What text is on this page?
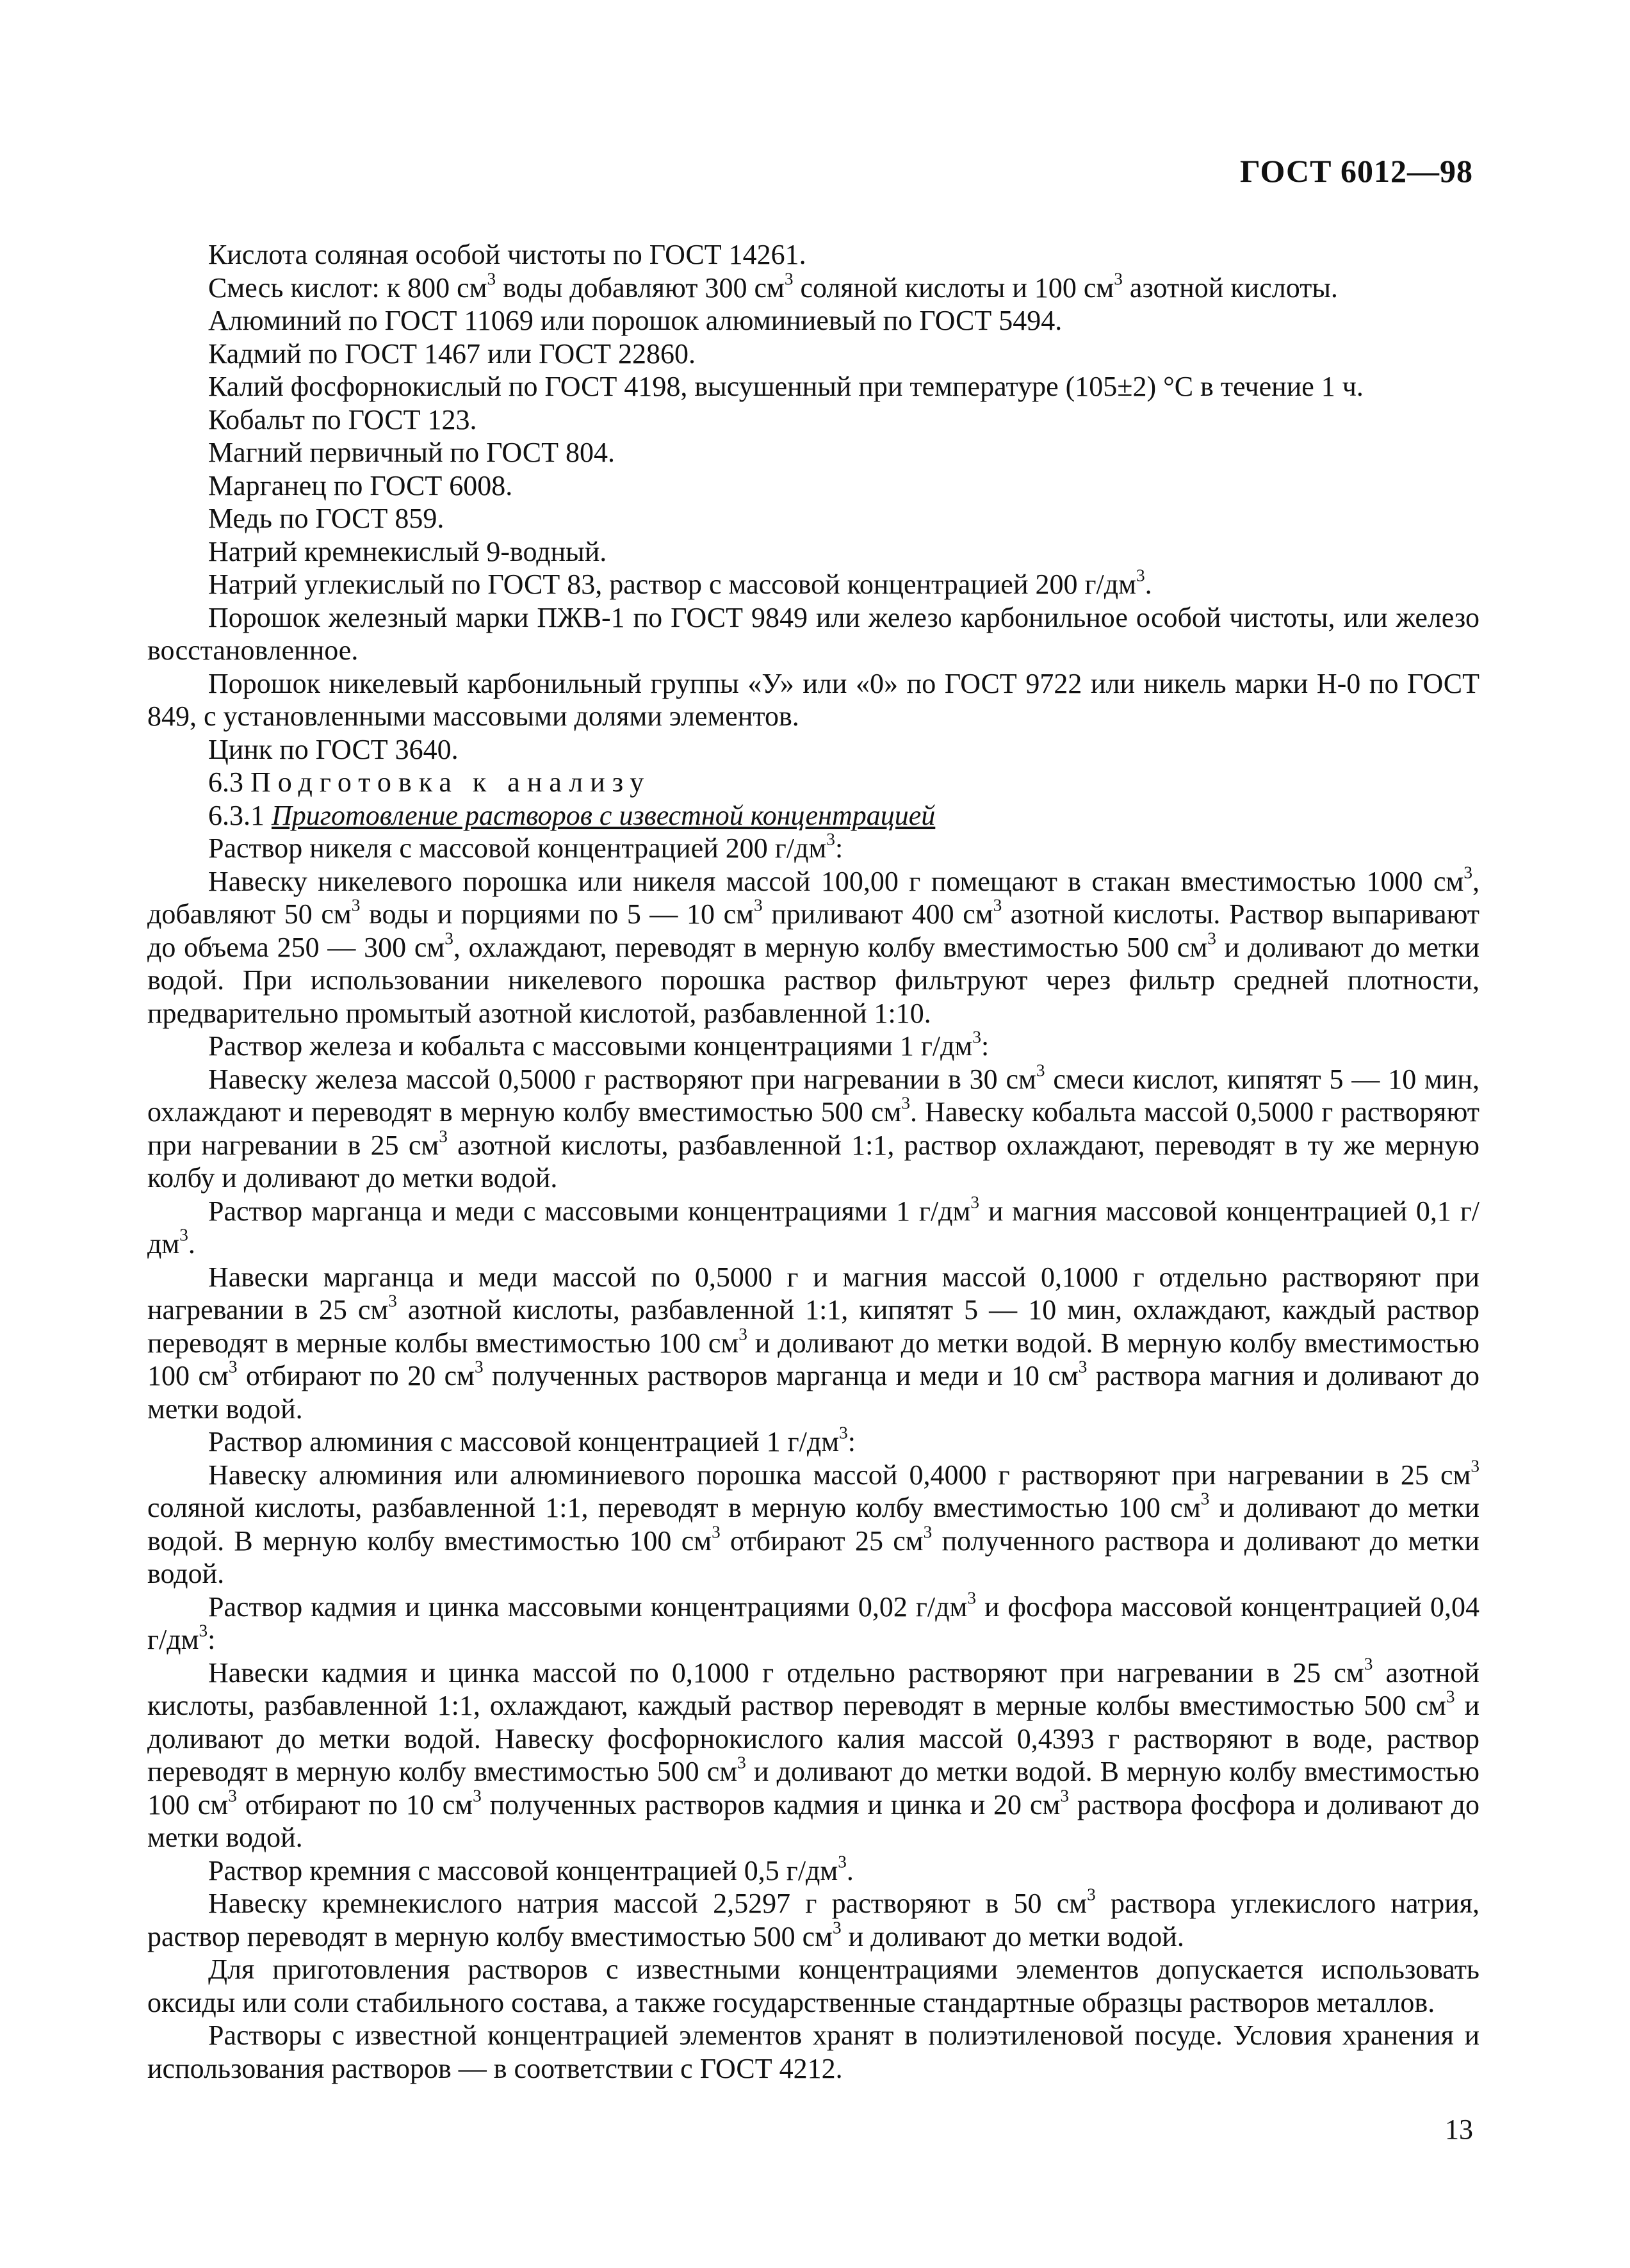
ГОСТ 6012—98

Кислота соляная особой чистоты по ГОСТ 14261.

Смесь кислот: к 800 $см^3$ воды добавляют 300 $см^3$ соляной кислоты и 100 $см^3$ азотной кислоты.

Алюминий по ГОСТ 11069 или порошок алюминиевый по ГОСТ 5494.

Кадмий по ГОСТ 1467 или ГОСТ 22860.

Калий фосфорнокислый по ГОСТ 4198, высушенный при температуре (105±2) °С в течение 1 ч.

Кобальт по ГОСТ 123.

Магний первичный по ГОСТ 804.

Марганец по ГОСТ 6008.

Медь по ГОСТ 859.

Натрий кремнекислый 9-водный.

Натрий углекислый по ГОСТ 83, раствор с массовой концентрацией 200 $г/дм^3$.

Порошок железный марки ПЖВ-1 по ГОСТ 9849 или железо карбонильное особой чистоты, или железо восстановленное.

Порошок никелевый карбонильный группы «У» или «0» по ГОСТ 9722 или никель марки Н-0 по ГОСТ 849, с установленными массовыми долями элементов.

Цинк по ГОСТ 3640.

6.3 Подготовка к анализу

6.3.1 Приготовление растворов с известной концентрацией

Раствор никеля с массовой концентрацией 200 $г/дм^3$:

Навеску никелевого порошка или никеля массой 100,00 г помещают в стакан вместимостью 1000 $см^3$, добавляют 50 $см^3$ воды и порциями по 5 — 10 $см^3$ приливают 400 $см^3$ азотной кислоты. Раствор выпаривают до объема 250 — 300 $см^3$, охлаждают, переводят в мерную колбу вместимостью 500 $см^3$ и доливают до метки водой. При использовании никелевого порошка раствор фильтруют через фильтр средней плотности, предварительно промытый азотной кислотой, разбавленной 1:10.

Раствор железа и кобальта с массовыми концентрациями 1 $г/дм^3$:

Навеску железа массой 0,5000 г растворяют при нагревании в 30 $см^3$ смеси кислот, кипятят 5 — 10 мин, охлаждают и переводят в мерную колбу вместимостью 500 $см^3$. Навеску кобальта массой 0,5000 г растворяют при нагревании в 25 $см^3$ азотной кислоты, разбавленной 1:1, раствор охлаждают, переводят в ту же мерную колбу и доливают до метки водой.

Раствор марганца и меди с массовыми концентрациями 1 $г/дм^3$ и магния массовой концентрацией 0,1 $г/дм^3$.

Навески марганца и меди массой по 0,5000 г и магния массой 0,1000 г отдельно растворяют при нагревании в 25 $см^3$ азотной кислоты, разбавленной 1:1, кипятят 5 — 10 мин, охлаждают, каждый раствор переводят в мерные колбы вместимостью 100 $см^3$ и доливают до метки водой. В мерную колбу вместимостью 100 $см^3$ отбирают по 20 $см^3$ полученных растворов марганца и меди и 10 $см^3$ раствора магния и доливают до метки водой.

Раствор алюминия с массовой концентрацией 1 $г/дм^3$:

Навеску алюминия или алюминиевого порошка массой 0,4000 г растворяют при нагревании в 25 $см^3$ соляной кислоты, разбавленной 1:1, переводят в мерную колбу вместимостью 100 $см^3$ и доливают до метки водой. В мерную колбу вместимостью 100 $см^3$ отбирают 25 $см^3$ полученного раствора и доливают до метки водой.

Раствор кадмия и цинка массовыми концентрациями 0,02 $г/дм^3$ и фосфора массовой концентрацией 0,04 $г/дм^3$:

Навески кадмия и цинка массой по 0,1000 г отдельно растворяют при нагревании в 25 $см^3$ азотной кислоты, разбавленной 1:1, охлаждают, каждый раствор переводят в мерные колбы вместимостью 500 $см^3$ и доливают до метки водой. Навеску фосфорнокислого калия массой 0,4393 г растворяют в воде, раствор переводят в мерную колбу вместимостью 500 $см^3$ и доливают до метки водой. В мерную колбу вместимостью 100 $см^3$ отбирают по 10 $см^3$ полученных растворов кадмия и цинка и 20 $см^3$ раствора фосфора и доливают до метки водой.

Раствор кремния с массовой концентрацией 0,5 $г/дм^3$.

Навеску кремнекислого натрия массой 2,5297 г растворяют в 50 $см^3$ раствора углекислого натрия, раствор переводят в мерную колбу вместимостью 500 $см^3$ и доливают до метки водой.

Для приготовления растворов с известными концентрациями элементов допускается использовать оксиды или соли стабильного состава, а также государственные стандартные образцы растворов металлов.

Растворы с известной концентрацией элементов хранят в полиэтиленовой посуде. Условия хранения и использования растворов — в соответствии с ГОСТ 4212.

13
